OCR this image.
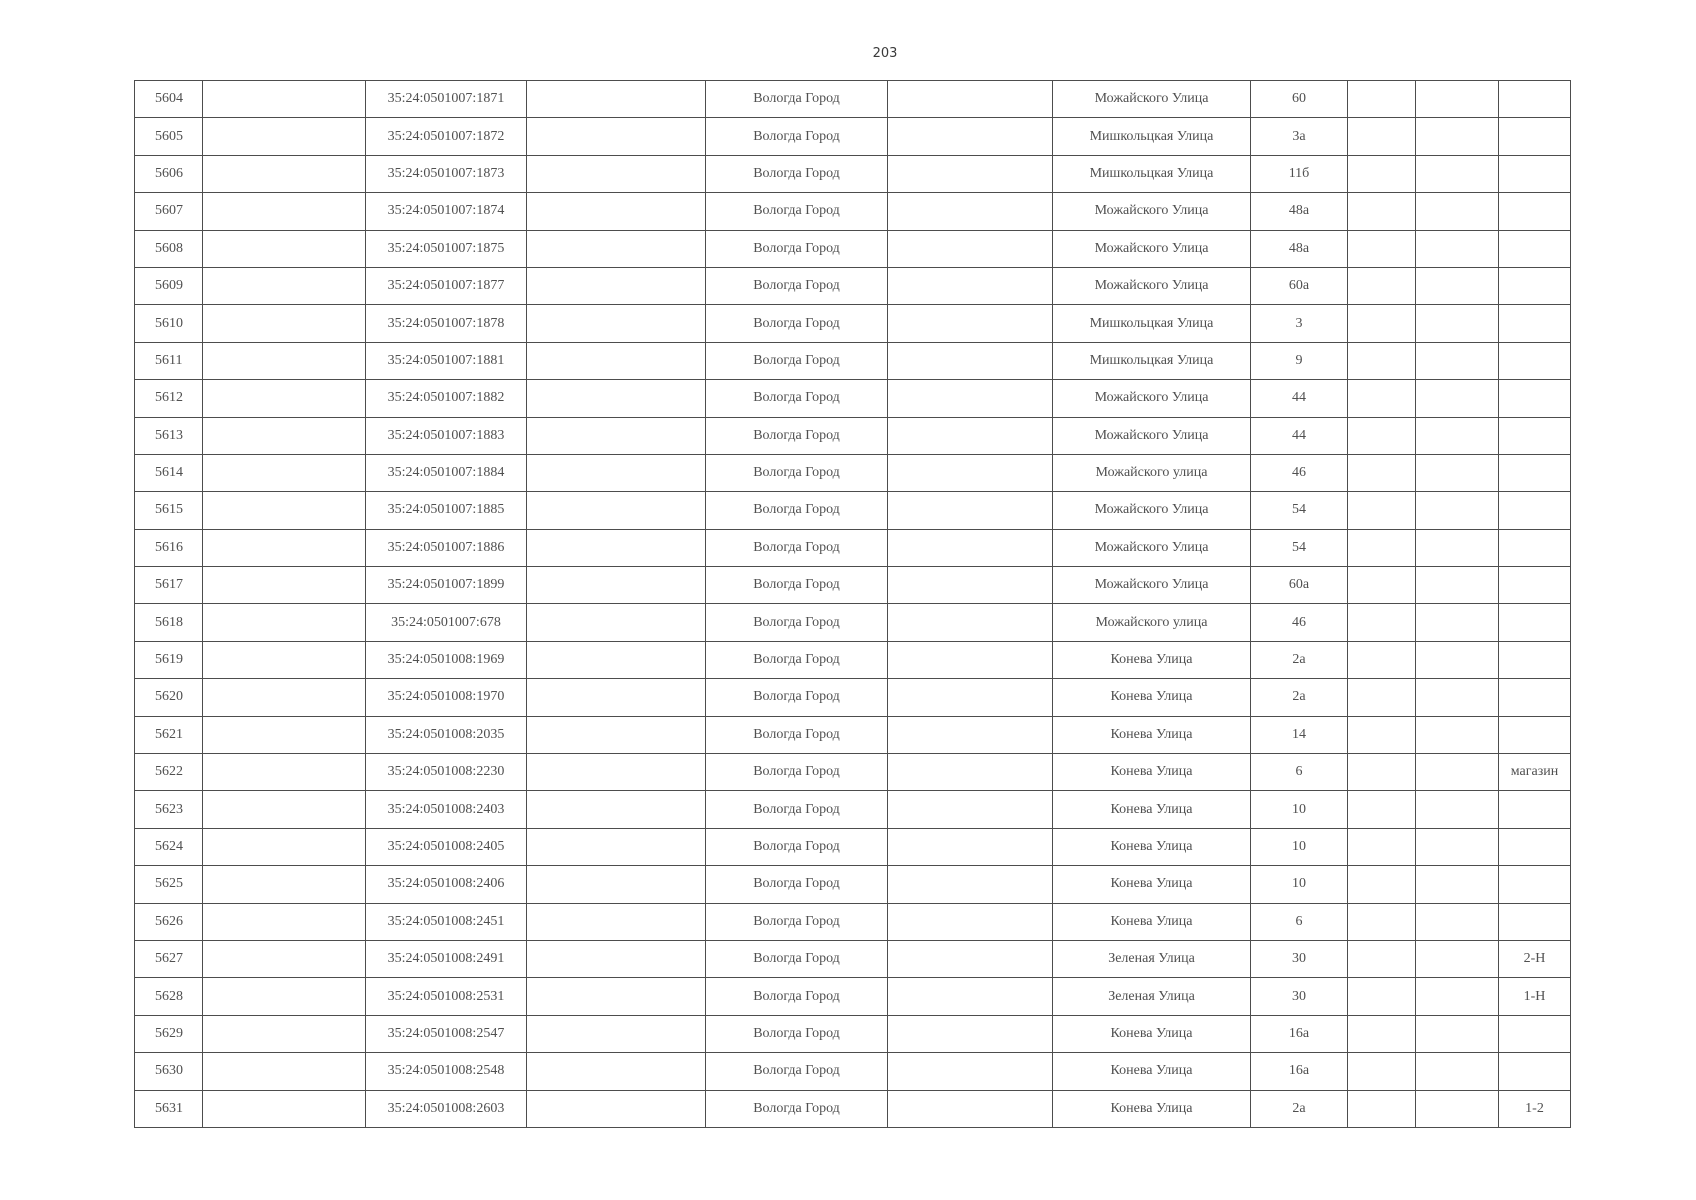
203
5604		35:24:0501007:1871		Вологда Город		Можайского Улица	60			
5605		35:24:0501007:1872		Вологда Город		Мишкольцкая Улица	3а			
5606		35:24:0501007:1873		Вологда Город		Мишкольцкая Улица	11б			
5607		35:24:0501007:1874		Вологда Город		Можайского Улица	48а			
5608		35:24:0501007:1875		Вологда Город		Можайского Улица	48а			
5609		35:24:0501007:1877		Вологда Город		Можайского Улица	60а			
5610		35:24:0501007:1878		Вологда Город		Мишкольцкая Улица	3			
5611		35:24:0501007:1881		Вологда Город		Мишкольцкая Улица	9			
5612		35:24:0501007:1882		Вологда Город		Можайского Улица	44			
5613		35:24:0501007:1883		Вологда Город		Можайского Улица	44			
5614		35:24:0501007:1884		Вологда Город		Можайского улица	46			
5615		35:24:0501007:1885		Вологда Город		Можайского Улица	54			
5616		35:24:0501007:1886		Вологда Город		Можайского Улица	54			
5617		35:24:0501007:1899		Вологда Город		Можайского Улица	60а			
5618		35:24:0501007:678		Вологда Город		Можайского улица	46			
5619		35:24:0501008:1969		Вологда Город		Конева Улица	2а			
5620		35:24:0501008:1970		Вологда Город		Конева Улица	2а			
5621		35:24:0501008:2035		Вологда Город		Конева Улица	14			
5622		35:24:0501008:2230		Вологда Город		Конева Улица	6			магазин
5623		35:24:0501008:2403		Вологда Город		Конева Улица	10			
5624		35:24:0501008:2405		Вологда Город		Конева Улица	10			
5625		35:24:0501008:2406		Вологда Город		Конева Улица	10			
5626		35:24:0501008:2451		Вологда Город		Конева Улица	6			
5627		35:24:0501008:2491		Вологда Город		Зеленая Улица	30			2-Н
5628		35:24:0501008:2531		Вологда Город		Зеленая Улица	30			1-Н
5629		35:24:0501008:2547		Вологда Город		Конева Улица	16а			
5630		35:24:0501008:2548		Вологда Город		Конева Улица	16а			
5631		35:24:0501008:2603		Вологда Город		Конева Улица	2а			1-2
